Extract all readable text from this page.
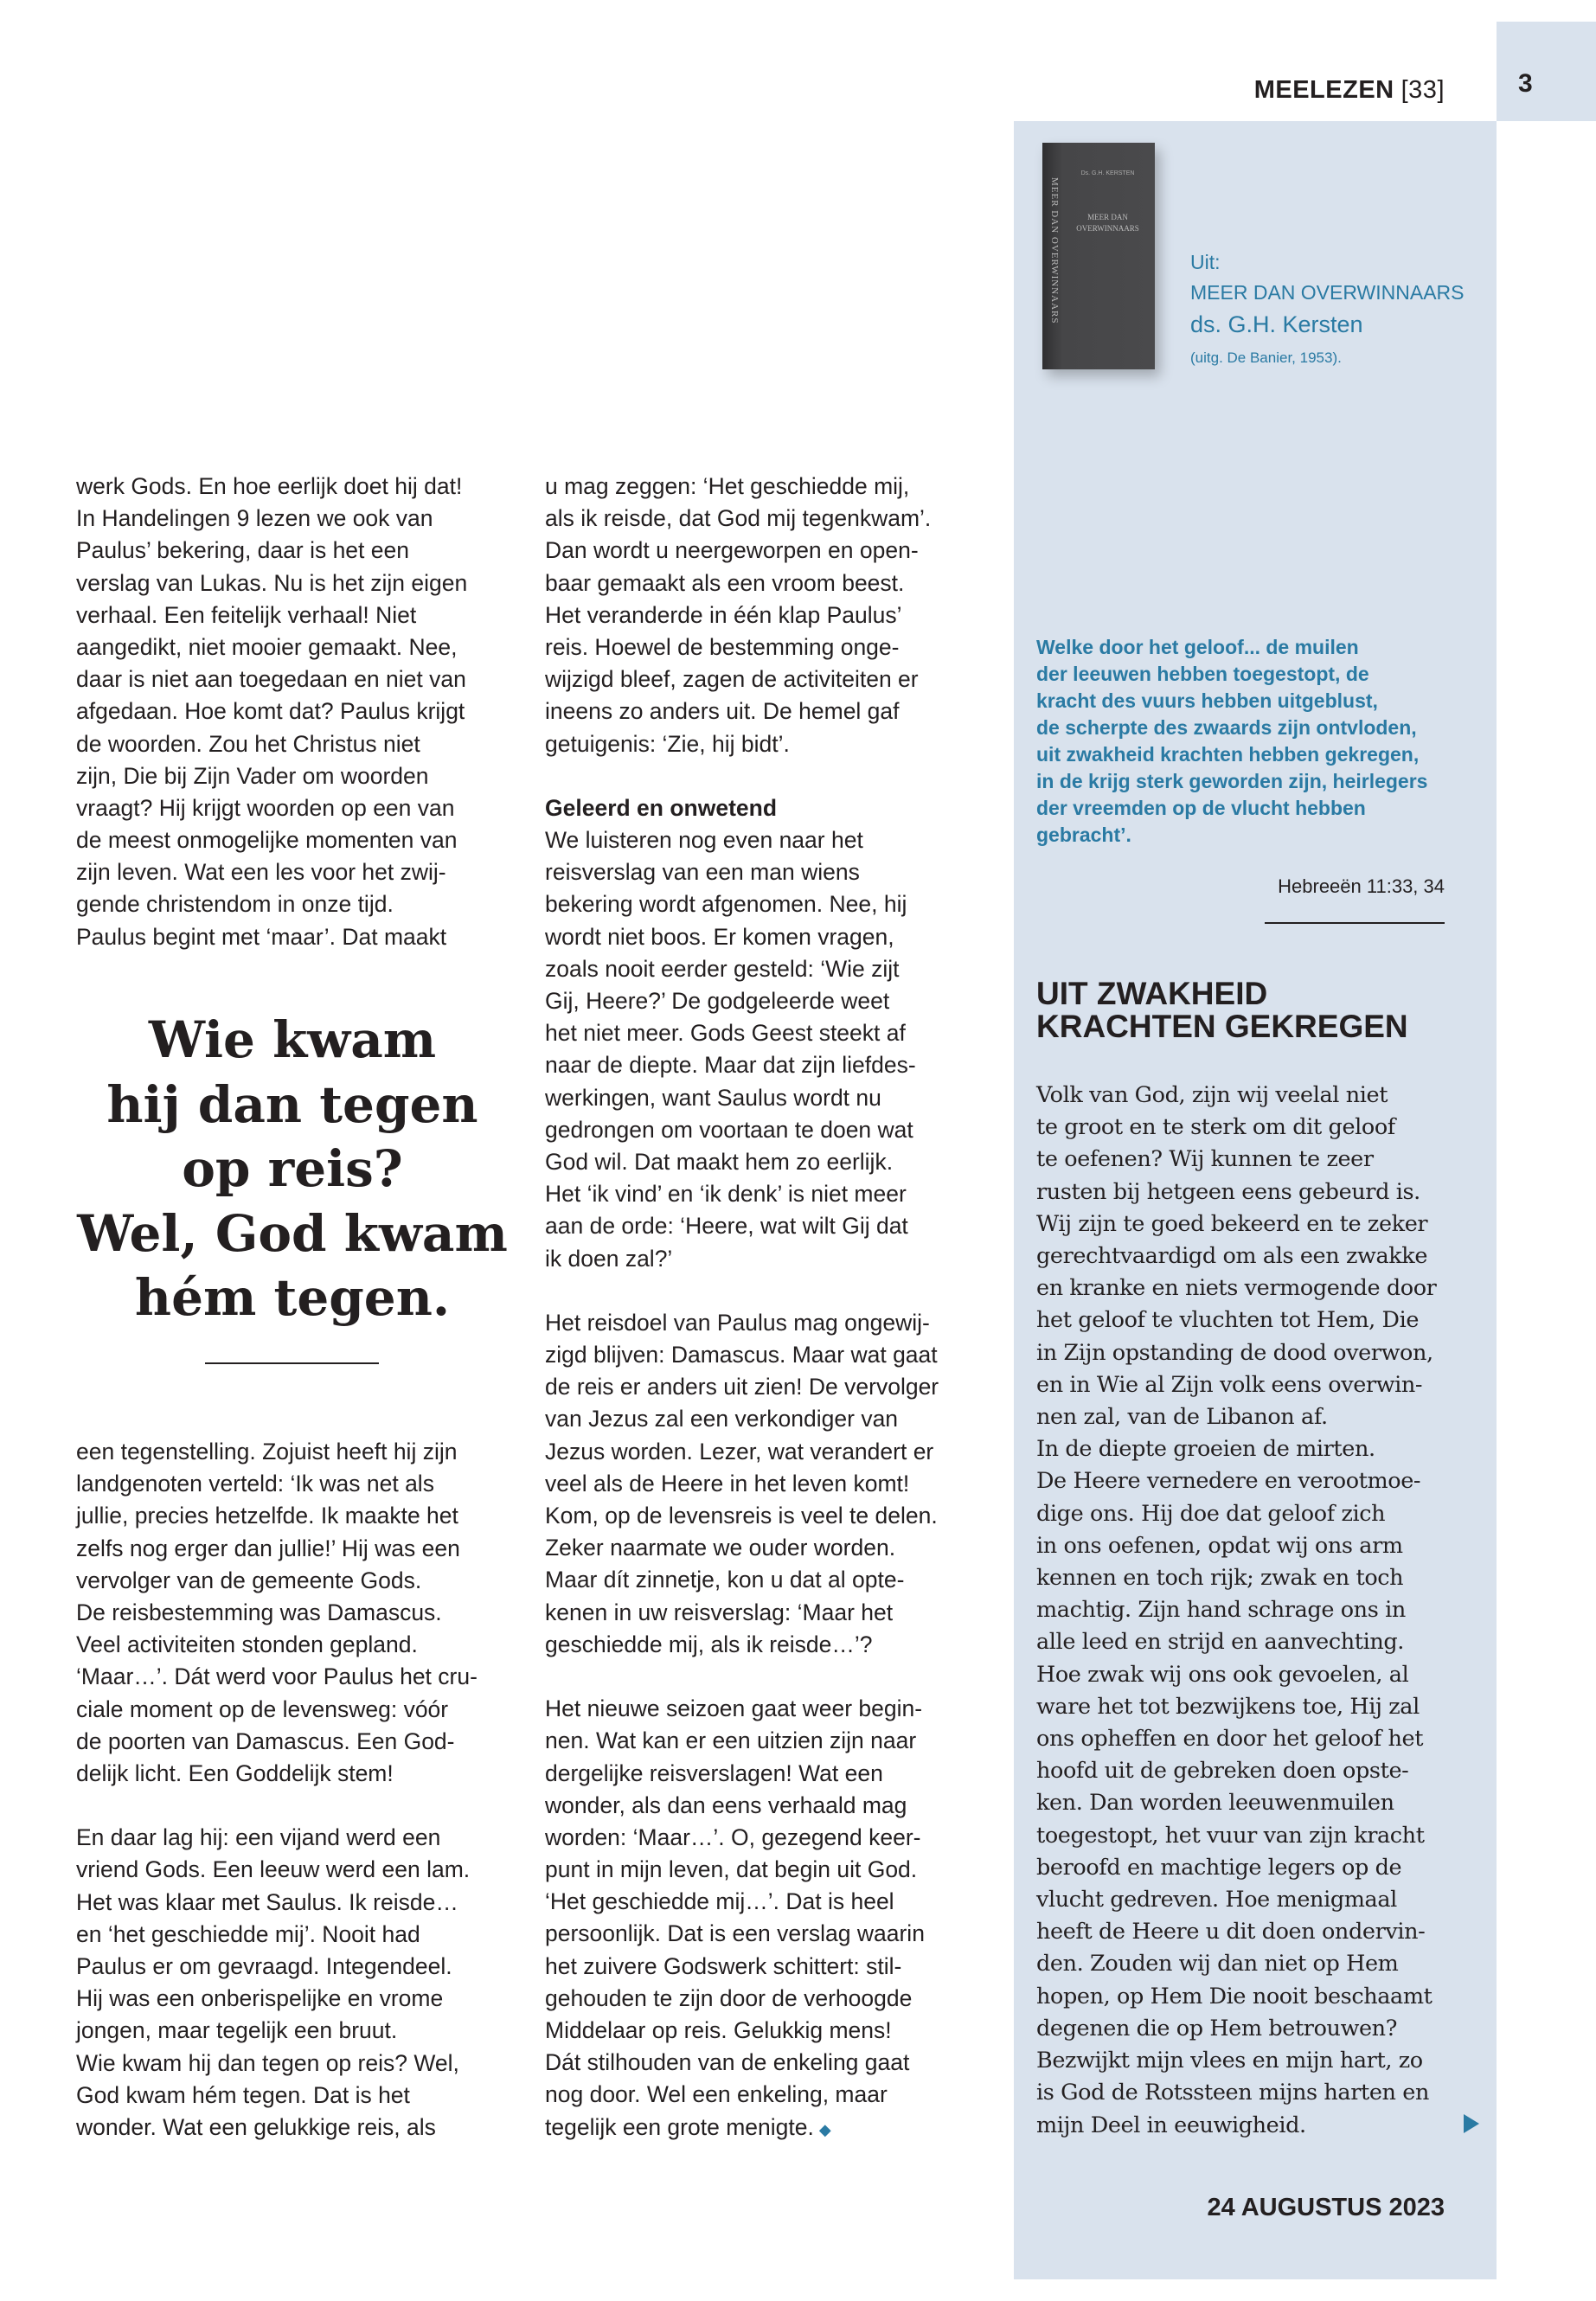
3
MEELEZEN [33]
MEER DAN OVERWINNAARS
Ds. G.H. KERSTEN
MEER DAN OVERWINNAARS
Uit:
MEER DAN OVERWINNAARS
ds. G.H. Kersten
(uitg. De Banier, 1953).
Welke door het geloof... de muilen
der leeuwen hebben toegestopt, de
kracht des vuurs hebben uitgeblust,
de scherpte des zwaards zijn ontvloden,
uit zwakheid krachten hebben gekregen,
in de krijg sterk geworden zijn, heirlegers
der vreemden op de vlucht hebben
gebracht’.
Hebreeën 11:33, 34
UIT ZWAKHEID
KRACHTEN GEKREGEN
Volk van God, zijn wij veelal niet
te groot en te sterk om dit geloof
te oefenen? Wij kunnen te zeer
rusten bij hetgeen eens gebeurd is.
Wij zijn te goed bekeerd en te zeker
gerechtvaardigd om als een zwakke
en kranke en niets vermogende door
het geloof te vluchten tot Hem, Die
in Zijn opstanding de dood overwon,
en in Wie al Zijn volk eens overwin-
nen zal, van de Libanon af.
In de diepte groeien de mirten.
De Heere vernedere en verootmoe-
dige ons. Hij doe dat geloof zich
in ons oefenen, opdat wij ons arm
kennen en toch rijk; zwak en toch
machtig. Zijn hand schrage ons in
alle leed en strijd en aanvechting.
Hoe zwak wij ons ook gevoelen, al
ware het tot bezwijkens toe, Hij zal
ons opheffen en door het geloof het
hoofd uit de gebreken doen opste-
ken. Dan worden leeuwenmuilen
toegestopt, het vuur van zijn kracht
beroofd en machtige legers op de
vlucht gedreven. Hoe menigmaal
heeft de Heere u dit doen ondervin-
den. Zouden wij dan niet op Hem
hopen, op Hem Die nooit beschaamt
degenen die op Hem betrouwen?
Bezwijkt mijn vlees en mijn hart, zo
is God de Rotssteen mijns harten en
mijn Deel in eeuwigheid.
24 AUGUSTUS 2023
werk Gods. En hoe eerlijk doet hij dat!
In Handelingen 9 lezen we ook van
Paulus’ bekering, daar is het een
verslag van Lukas. Nu is het zijn eigen
verhaal. Een feitelijk verhaal! Niet
aangedikt, niet mooier gemaakt. Nee,
daar is niet aan toegedaan en niet van
afgedaan. Hoe komt dat? Paulus krijgt
de woorden. Zou het Christus niet
zijn, Die bij Zijn Vader om woorden
vraagt? Hij krijgt woorden op een van
de meest onmogelijke momenten van
zijn leven. Wat een les voor het zwij-
gende christendom in onze tijd.
Paulus begint met ‘maar’. Dat maakt
Wie kwam
hij dan tegen
op reis?
Wel, God kwam
hém tegen.
een tegenstelling. Zojuist heeft hij zijn
landgenoten verteld: ‘Ik was net als
jullie, precies hetzelfde. Ik maakte het
zelfs nog erger dan jullie!’ Hij was een
vervolger van de gemeente Gods.
De reisbestemming was Damascus.
Veel activiteiten stonden gepland.
‘Maar…’. Dát werd voor Paulus het cru-
ciale moment op de levensweg: vóór
de poorten van Damascus. Een God-
delijk licht. Een Goddelijk stem!

En daar lag hij: een vijand werd een
vriend Gods. Een leeuw werd een lam.
Het was klaar met Saulus. Ik reisde…
en ‘het geschiedde mij’. Nooit had
Paulus er om gevraagd. Integendeel.
Hij was een onberispelijke en vrome
jongen, maar tegelijk een bruut.
Wie kwam hij dan tegen op reis? Wel,
God kwam hém tegen. Dat is het
wonder. Wat een gelukkige reis, als
u mag zeggen: ‘Het geschiedde mij,
als ik reisde, dat God mij tegenkwam’.
Dan wordt u neergeworpen en open-
baar gemaakt als een vroom beest.
Het veranderde in één klap Paulus’
reis. Hoewel de bestemming onge-
wijzigd bleef, zagen de activiteiten er
ineens zo anders uit. De hemel gaf
getuigenis: ‘Zie, hij bidt’.

Geleerd en onwetend
We luisteren nog even naar het
reisverslag van een man wiens
bekering wordt afgenomen. Nee, hij
wordt niet boos. Er komen vragen,
zoals nooit eerder gesteld: ‘Wie zijt
Gij, Heere?’ De godgeleerde weet
het niet meer. Gods Geest steekt af
naar de diepte. Maar dat zijn liefdes-
werkingen, want Saulus wordt nu
gedrongen om voortaan te doen wat
God wil. Dat maakt hem zo eerlijk.
Het ‘ik vind’ en ‘ik denk’ is niet meer
aan de orde: ‘Heere, wat wilt Gij dat
ik doen zal?’

Het reisdoel van Paulus mag ongewij-
zigd blijven: Damascus. Maar wat gaat
de reis er anders uit zien! De vervolger
van Jezus zal een verkondiger van
Jezus worden. Lezer, wat verandert er
veel als de Heere in het leven komt!
Kom, op de levensreis is veel te delen.
Zeker naarmate we ouder worden.
Maar dít zinnetje, kon u dat al opte-
kenen in uw reisverslag: ‘Maar het
geschiedde mij, als ik reisde…’?

Het nieuwe seizoen gaat weer begin-
nen. Wat kan er een uitzien zijn naar
dergelijke reisverslagen! Wat een
wonder, als dan eens verhaald mag
worden: ‘Maar…’. O, gezegend keer-
punt in mijn leven, dat begin uit God.
‘Het geschiedde mij…’. Dat is heel
persoonlijk. Dat is een verslag waarin
het zuivere Godswerk schittert: stil-
gehouden te zijn door de verhoogde
Middelaar op reis. Gelukkig mens!
Dát stilhouden van de enkeling gaat
nog door. Wel een enkeling, maar
tegelijk een grote menigte. ◆
